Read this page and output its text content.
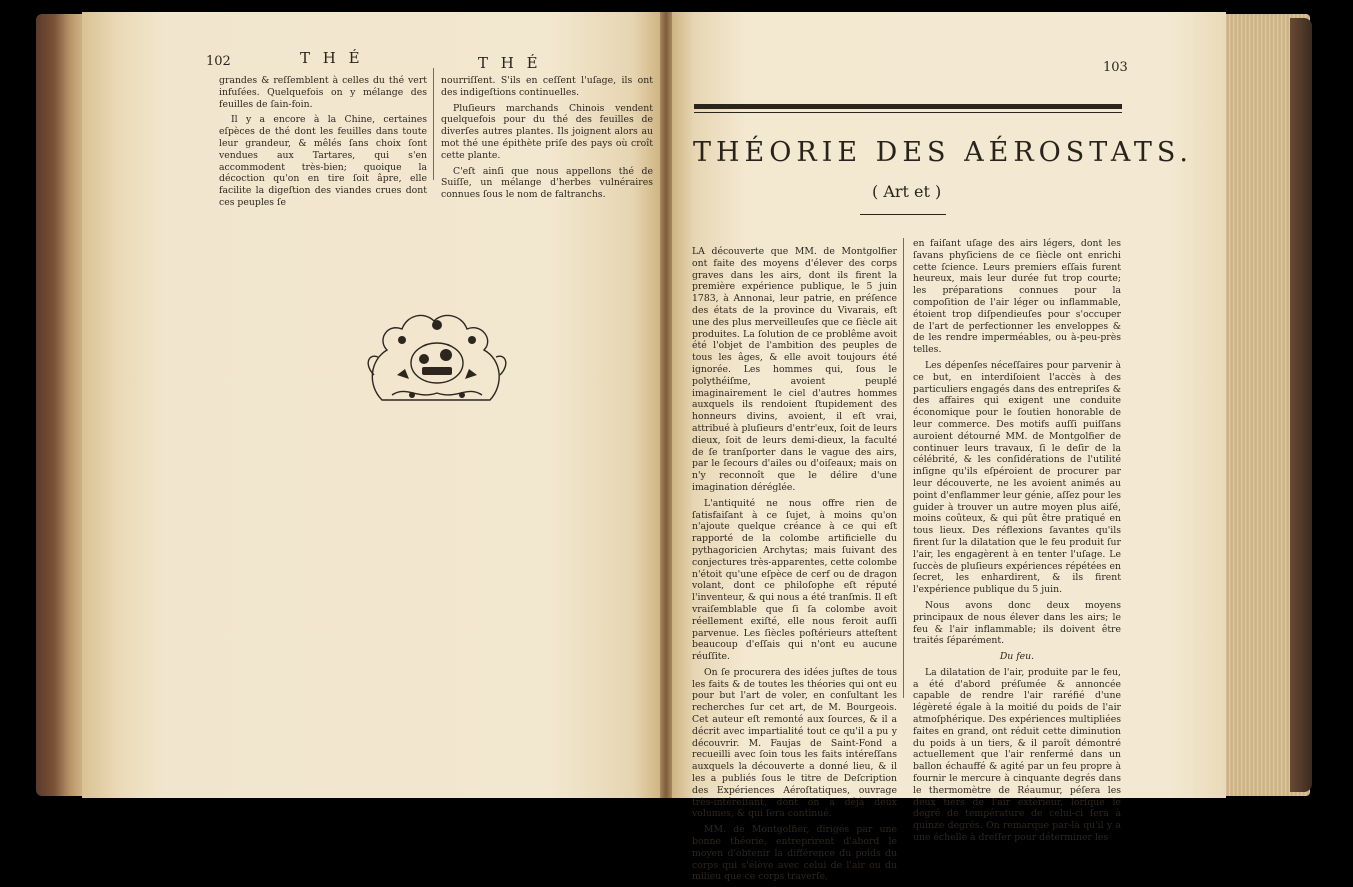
102	T H É	T H É

grandes & reſſemblent à celles du thé vert infuſées. Quelquefois on y mélange des feuilles de ſain-foin.

Il y a encore à la Chine, certaines eſpèces de thé dont les feuilles dans toute leur grandeur, & mêlés ſans choix ſont vendues aux Tartares, qui s'en accommodent très-bien; quoique la décoction qu'on en tire ſoit âpre, elle facilite la digeſtion des viandes crues dont ces peuples ſe

nourriſſent. S'ils en ceſſent l'uſage, ils ont des indigeſtions continuelles.

Pluſieurs marchands Chinois vendent quelquefois pour du thé des feuilles de diverſes autres plantes. Ils joignent alors au mot thé une épithète priſe des pays où croît cette plante.

C'eſt ainſi que nous appellons thé de Suiſſe, un mélange d'herbes vulnéraires connues ſous le nom de faltranchs.

103
THÉORIE DES AÉROSTATS.
( Art et )

LA découverte que MM. de Montgolfier ont faite des moyens d'élever des corps graves dans les airs, dont ils firent la première expérience publique, le 5 juin 1783, à Annonai, leur patrie, en préſence des états de la province du Vivarais, eſt une des plus merveilleuſes que ce ſiècle ait produites. La ſolution de ce problême avoit été l'objet de l'ambition des peuples de tous les âges, & elle avoit toujours été ignorée. Les hommes qui, ſous le polythéiſme, avoient peuplé imaginairement le ciel d'autres hommes auxquels ils rendoient ſtupidement des honneurs divins, avoient, il eſt vrai, attribué à pluſieurs d'entr'eux, ſoit de leurs dieux, ſoit de leurs demi-dieux, la faculté de ſe tranſporter dans le vague des airs, par le ſecours d'ailes ou d'oiſeaux; mais on n'y reconnoît que le délire d'une imagination déréglée.

L'antiquité ne nous offre rien de ſatisfaiſant à ce ſujet, à moins qu'on n'ajoute quelque créance à ce qui eſt rapporté de la colombe artificielle du pythagoricien Archytas; mais ſuivant des conjectures très-apparentes, cette colombe n'étoit qu'une eſpèce de cerf ou de dragon volant, dont ce philoſophe eſt réputé l'inventeur, & qui nous a été tranſmis. Il eſt vraiſemblable que ſi ſa colombe avoit réellement exiſté, elle nous feroit auſſi parvenue. Les ſiècles poſtérieurs atteſtent beaucoup d'eſſais qui n'ont eu aucune réuſſite.

On ſe procurera des idées juſtes de tous les faits & de toutes les théories qui ont eu pour but l'art de voler, en conſultant les recherches ſur cet art, de M. Bourgeois. Cet auteur eſt remonté aux ſources, & il a décrit avec impartialité tout ce qu'il a pu y découvrir. M. Faujas de Saint-Fond a recueilli avec ſoin tous les faits intéreſſans auxquels la découverte a donné lieu, & il les a publiés ſous le titre de Deſcription des Expériences Aéroſtatiques, ouvrage très-intéreſſant, dont on a déjà deux volumes, & qui ſera continué.

MM. de Montgolfier, dirigés par une bonne théorie, entreprirent d'abord le moyen d'obtenir la différence du poids du corps qui s'élève avec celui de l'air ou du milieu que ce corps traverſe,

en faiſant uſage des airs légers, dont les ſavans phyſiciens de ce ſiècle ont enrichi cette ſcience. Leurs premiers eſſais furent heureux, mais leur durée fut trop courte; les préparations connues pour la compoſition de l'air léger ou inflammable, étoient trop diſpendieuſes pour s'occuper de l'art de perfectionner les enveloppes & de les rendre imperméables, ou à-peu-près telles.

Les dépenſes néceſſaires pour parvenir à ce but, en interdiſoient l'accès à des particuliers engagés dans des entrepriſes & des affaires qui exigent une conduite économique pour le ſoutien honorable de leur commerce. Des motifs auſſi puiſſans auroient détourné MM. de Montgolfier de continuer leurs travaux, ſi le deſir de la célébrité, & les conſidérations de l'utilité inſigne qu'ils eſpéroient de procurer par leur découverte, ne les avoient animés au point d'enflammer leur génie, aſſez pour les guider à trouver un autre moyen plus aiſé, moins coûteux, & qui pût être pratiqué en tous lieux. Des réflexions ſavantes qu'ils firent ſur la dilatation que le feu produit ſur l'air, les engagèrent à en tenter l'uſage. Le ſuccès de pluſieurs expériences répétées en ſecret, les enhardirent, & ils firent l'expérience publique du 5 juin.

Nous avons donc deux moyens principaux de nous élever dans les airs; le feu & l'air inflammable; ils doivent être traités ſéparément.

Du feu.

La dilatation de l'air, produite par le feu, a été d'abord préſumée & annoncée capable de rendre l'air raréfié d'une légèreté égale à la moitié du poids de l'air atmoſphérique. Des expériences multipliées faites en grand, ont réduit cette diminution du poids à un tiers, & il paroît démontré actuellement que l'air renfermé dans un ballon échauffé & agité par un feu propre à fournir le mercure à cinquante degrés dans le thermomètre de Réaumur, péſera les deux tiers de l'air extérieur, lorſque le degré de température de celui-ci ſera à quinze degrés. On remarque par-là qu'il y a une échelle à dreſſer pour déterminer les
